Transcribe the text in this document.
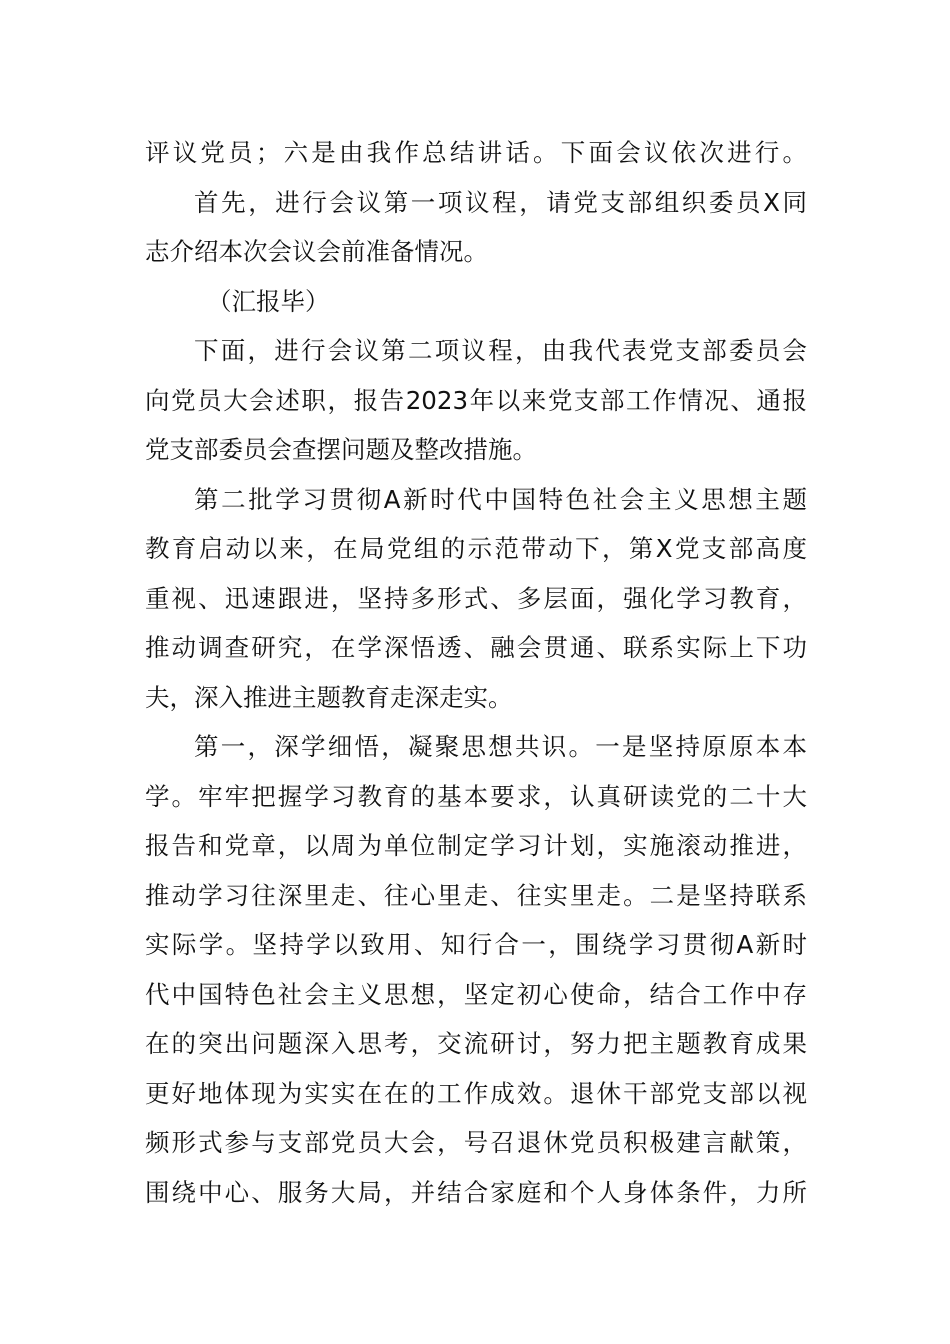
评议党员；六是由我作总结讲话。下面会议依次进行。
首先，进行会议第一项议程，请党支部组织委员X同
志介绍本次会议会前准备情况。
（汇报毕）
下面，进行会议第二项议程，由我代表党支部委员会
向党员大会述职，报告2023年以来党支部工作情况、通报
党支部委员会查摆问题及整改措施。
第二批学习贯彻A新时代中国特色社会主义思想主题
教育启动以来，在局党组的示范带动下，第X党支部高度
重视、迅速跟进，坚持多形式、多层面，强化学习教育，
推动调查研究，在学深悟透、融会贯通、联系实际上下功
夫，深入推进主题教育走深走实。
第一，深学细悟，凝聚思想共识。一是坚持原原本本
学。牢牢把握学习教育的基本要求，认真研读党的二十大
报告和党章，以周为单位制定学习计划，实施滚动推进，
推动学习往深里走、往心里走、往实里走。二是坚持联系
实际学。坚持学以致用、知行合一，围绕学习贯彻A新时
代中国特色社会主义思想，坚定初心使命，结合工作中存
在的突出问题深入思考，交流研讨，努力把主题教育成果
更好地体现为实实在在的工作成效。退休干部党支部以视
频形式参与支部党员大会，号召退休党员积极建言献策，
围绕中心、服务大局，并结合家庭和个人身体条件，力所
